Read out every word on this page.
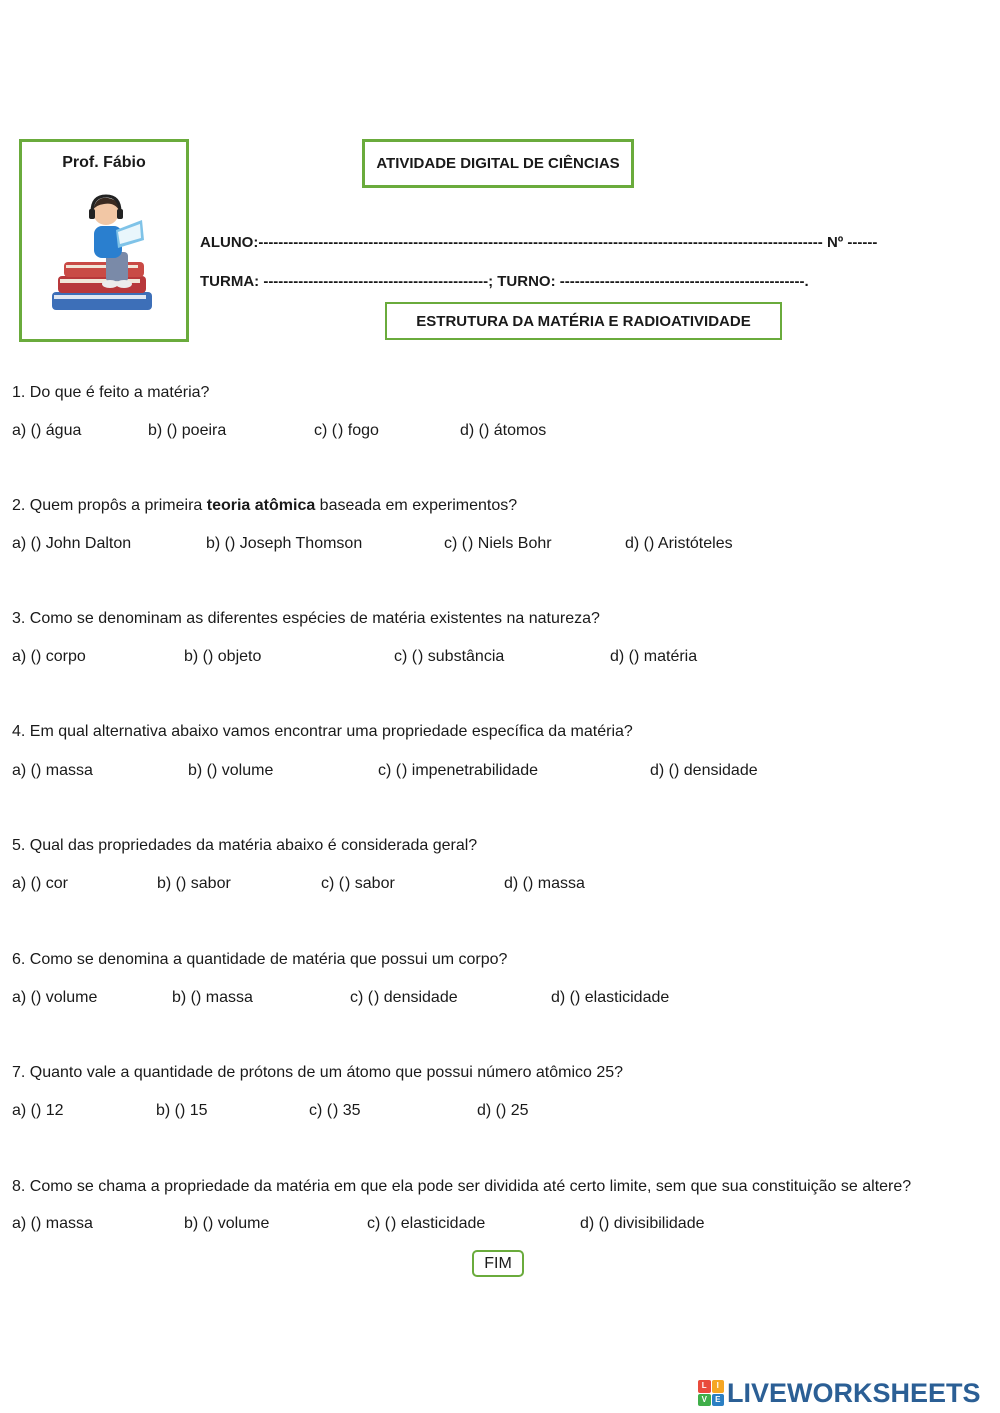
Prof. Fábio	ATIVIDADE DIGITAL DE CIÊNCIAS
ALUNO:----------------------------------------------------------------------------------------------------------------- Nº ------
TURMA: ---------------------------------------------; TURNO: -------------------------------------------------.
ESTRUTURA DA MATÉRIA E RADIOATIVIDADE
1. Do que é feito a matéria?
a) () água	b) () poeira	c) () fogo	d) () átomos
2. Quem propôs a primeira teoria atômica baseada em experimentos?
a) () John Dalton	b) () Joseph Thomson	c) () Niels Bohr	d) () Aristóteles
3. Como se denominam as diferentes espécies de matéria existentes na natureza?
a) () corpo	b) () objeto	c) () substância	d) () matéria
4. Em qual alternativa abaixo vamos encontrar uma propriedade específica da matéria?
a) () massa	b) () volume	c) () impenetrabilidade	d) () densidade
5. Qual das propriedades da matéria abaixo é considerada geral?
a) () cor	b) () sabor	c) () sabor	d) () massa
6. Como se denomina a quantidade de matéria que possui um corpo?
a) () volume	b) () massa	c) () densidade	d) () elasticidade
7. Quanto vale a quantidade de prótons de um átomo que possui número atômico 25?
a) () 12	b) () 15	c) () 35	d) () 25
8. Como se chama a propriedade da matéria em que ela pode ser dividida até certo limite, sem que sua constituição se altere?
a) () massa	b) () volume	c) () elasticidade	d) () divisibilidade
FIM
L	I
V	E LIVEWORKSHEETS
